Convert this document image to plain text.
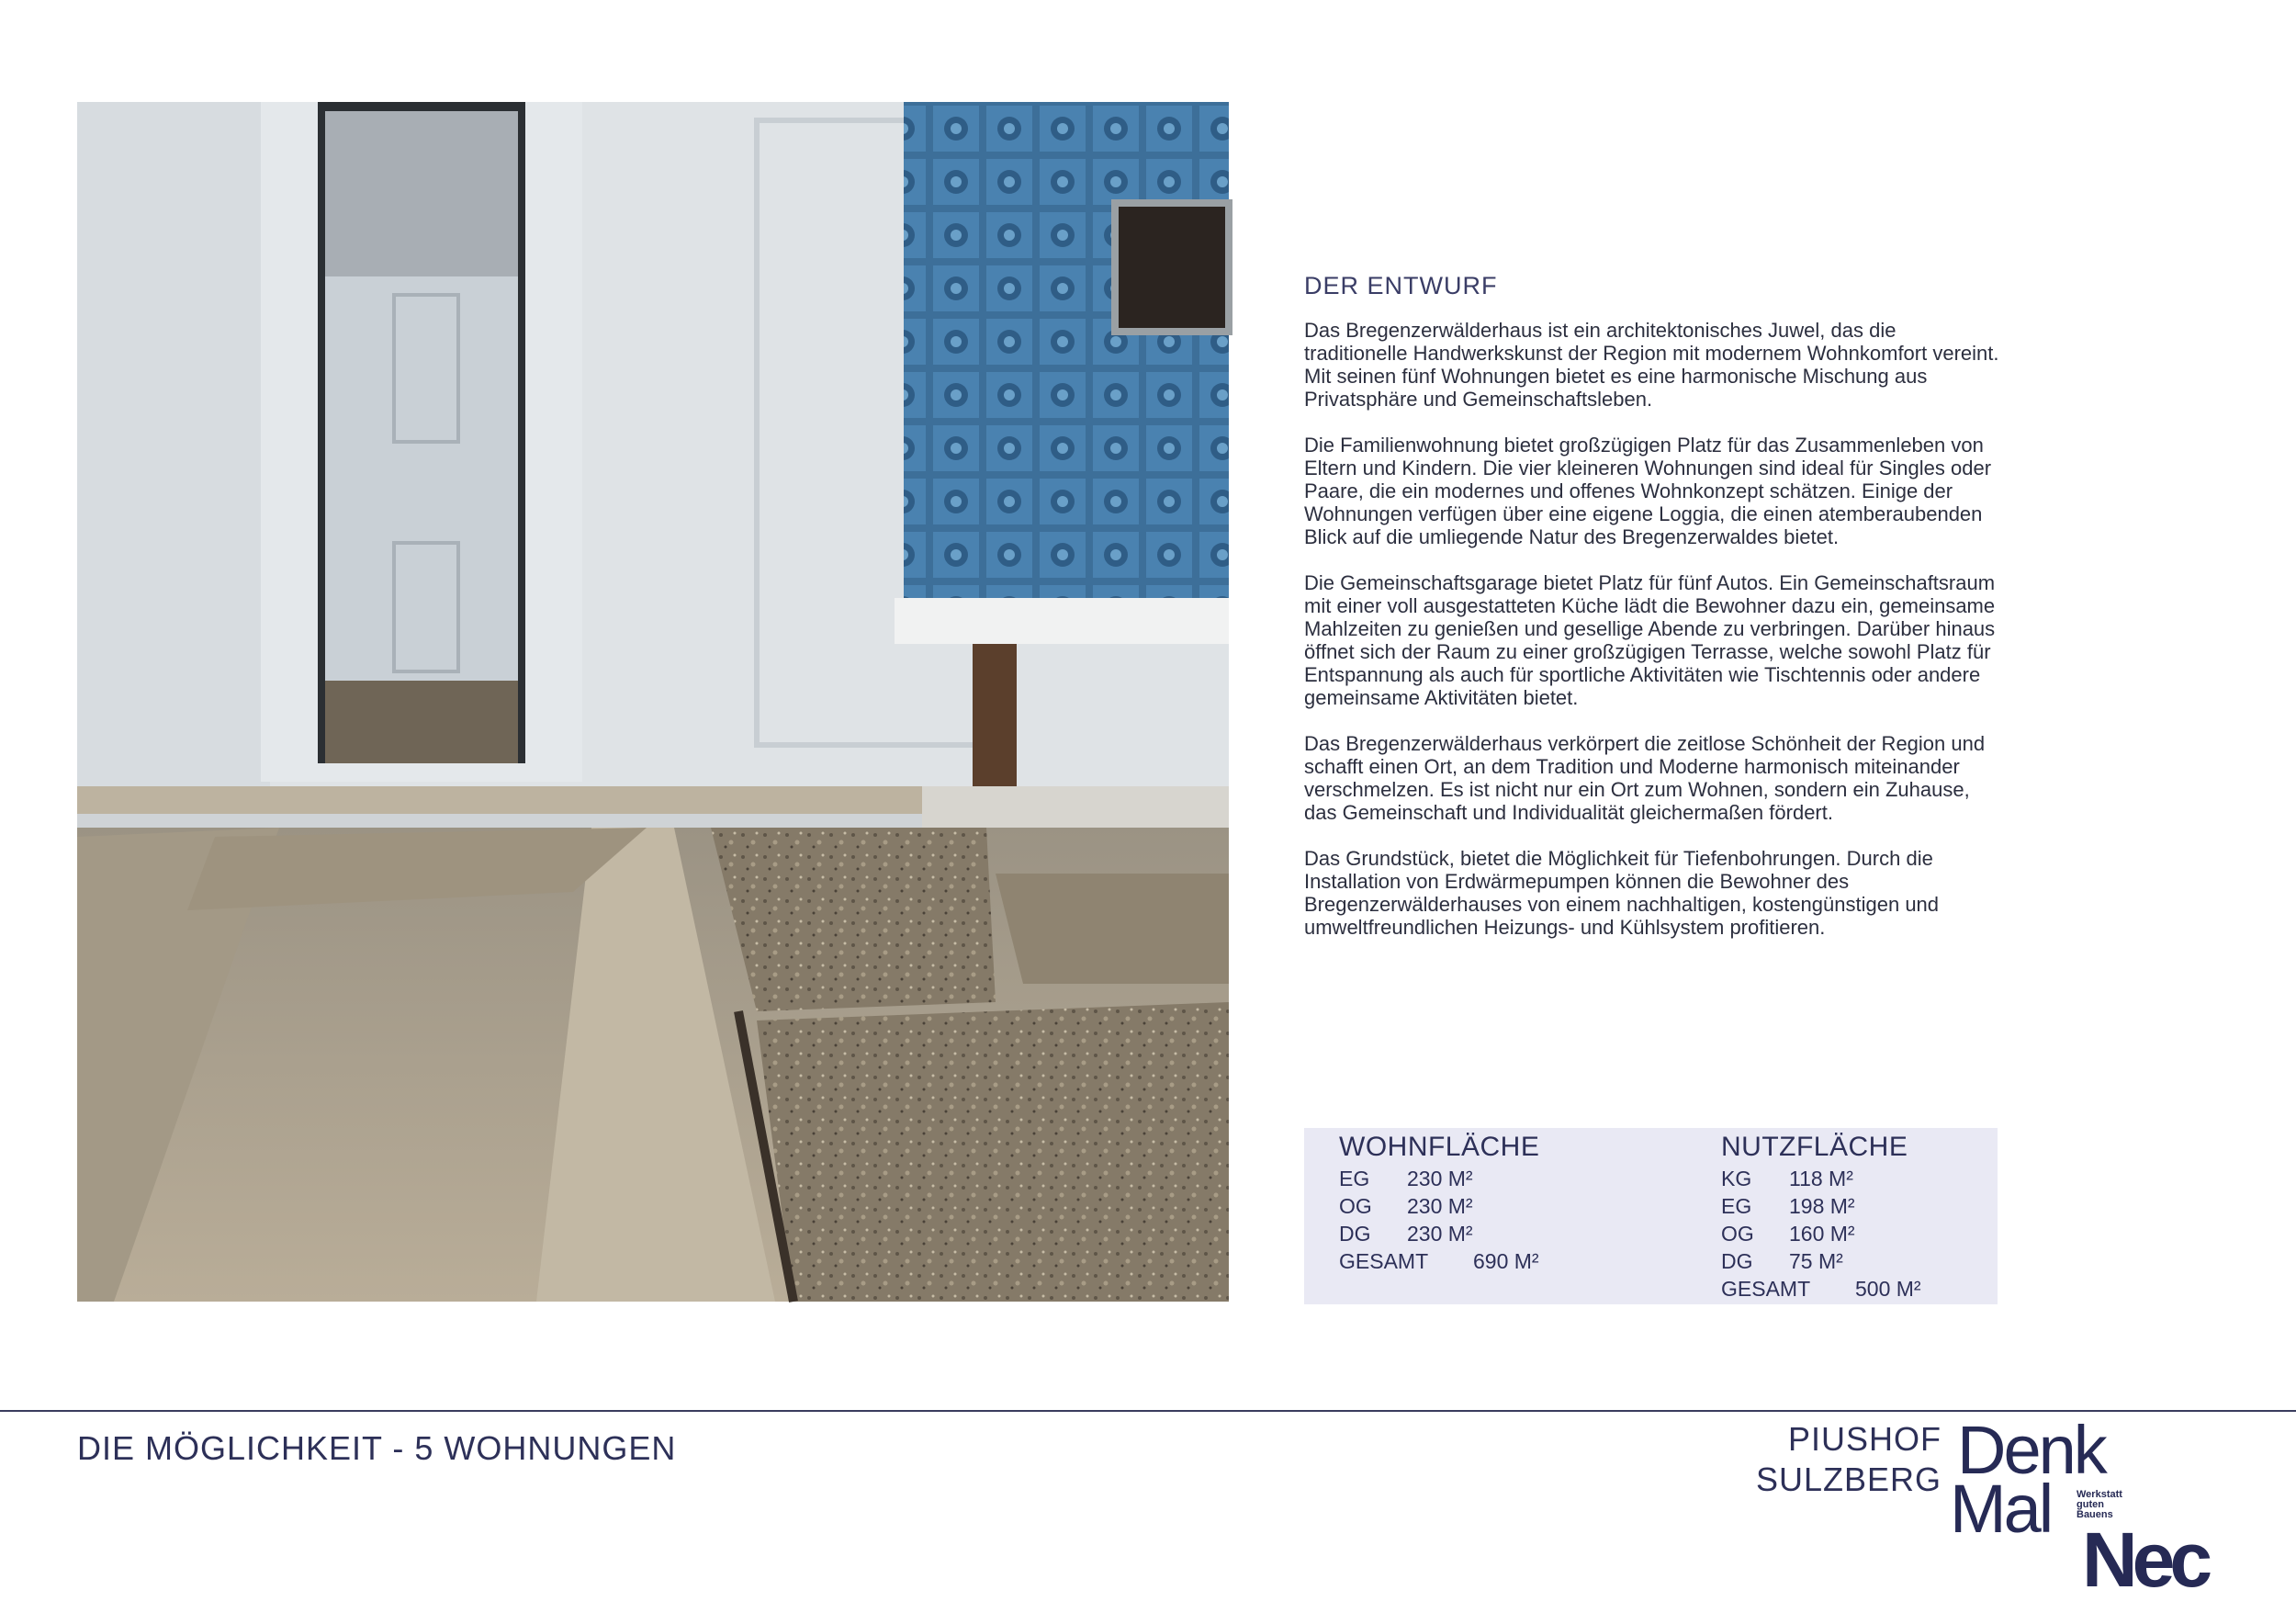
DER ENTWURF

Das Bregenzerwälderhaus ist ein architektonisches Juwel, das die traditionelle Handwerkskunst der Region mit modernem Wohnkomfort vereint. Mit seinen fünf Wohnungen bietet es eine harmonische Mischung aus Privatsphäre und Gemeinschaftsleben.

Die Familienwohnung bietet großzügigen Platz für das Zusammenleben von Eltern und Kindern. Die vier kleineren Wohnungen sind ideal für Singles oder Paare, die ein modernes und offenes Wohnkonzept schätzen. Einige der Wohnungen verfügen über eine eigene Loggia, die einen atemberaubenden Blick auf die umliegende Natur des Bregenzerwaldes bietet.

Die Gemeinschaftsgarage bietet Platz für fünf Autos. Ein Gemeinschaftsraum mit einer voll ausgestatteten Küche lädt die Bewohner dazu ein, gemeinsame Mahlzeiten zu genießen und gesellige Abende zu verbringen. Darüber hinaus öffnet sich der Raum zu einer großzügigen Terrasse, welche sowohl Platz für Entspannung als auch für sportliche Aktivitäten wie Tischtennis oder andere gemeinsame Aktivitäten bietet.

Das Bregenzerwälderhaus verkörpert die zeitlose Schönheit der Region und schafft einen Ort, an dem Tradition und Moderne harmonisch miteinander verschmelzen. Es ist nicht nur ein Ort zum Wohnen, sondern ein Zuhause, das Gemeinschaft und Individualität gleichermaßen fördert.

Das Grundstück, bietet die Möglichkeit für Tiefenbohrungen. Durch die Installation von Erdwärmepumpen können die Bewohner des Bregenzerwälderhauses von einem nachhaltigen, kostengünstigen und umweltfreundlichen Heizungs- und Kühlsystem profitieren.

WOHNFLÄCHE
EG 230 M²
OG 230 M²
DG 230 M²
GESAMT 690 M²
NUTZFLÄCHE
KG 118 M²
EG 198 M²
OG 160 M²
DG 75 M²
GESAMT 500 M²
DIE MÖGLICHKEIT - 5 WOHNUNGEN	PIUSHOF
SULZBERG Denk
Mal	Werkstatt
guten
Bauens
Nec
